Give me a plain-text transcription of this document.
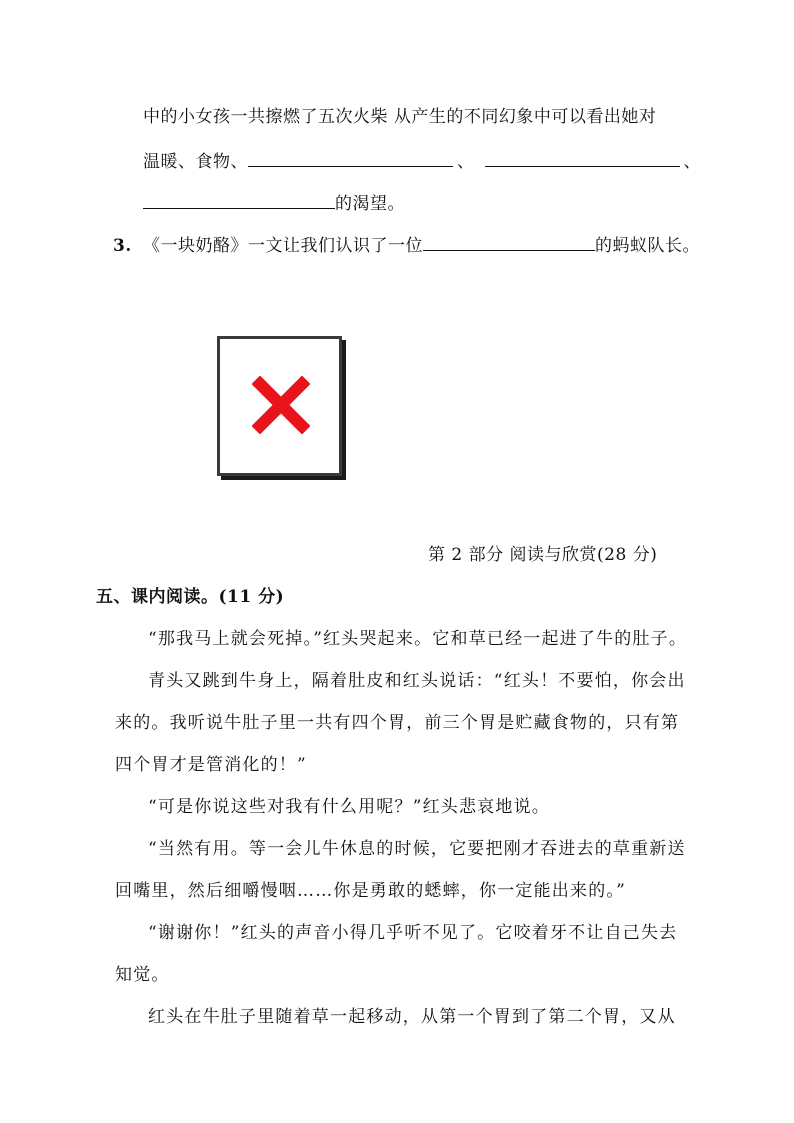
中的小女孩一共擦燃了五次火柴 从产生的不同幻象中可以看出她对
温暖、食物、	、	、
的渴望。
3. 《一块奶酪》一文让我们认识了一位	的蚂蚁队长。
第 2 部分 阅读与欣赏(28 分)
五、课内阅读。(11 分)
“那我马上就会死掉。”红头哭起来。它和草已经一起进了牛的肚子。
青头又跳到牛身上，隔着肚皮和红头说话：“红头！不要怕，你会出
来的。我听说牛肚子里一共有四个胃，前三个胃是贮藏食物的，只有第
四个胃才是管消化的！”
“可是你说这些对我有什么用呢？”红头悲哀地说。
“当然有用。等一会儿牛休息的时候，它要把刚才吞进去的草重新送
回嘴里，然后细嚼慢咽……你是勇敢的蟋蟀，你一定能出来的。”
“谢谢你！”红头的声音小得几乎听不见了。它咬着牙不让自己失去
知觉。
红头在牛肚子里随着草一起移动，从第一个胃到了第二个胃，又从
